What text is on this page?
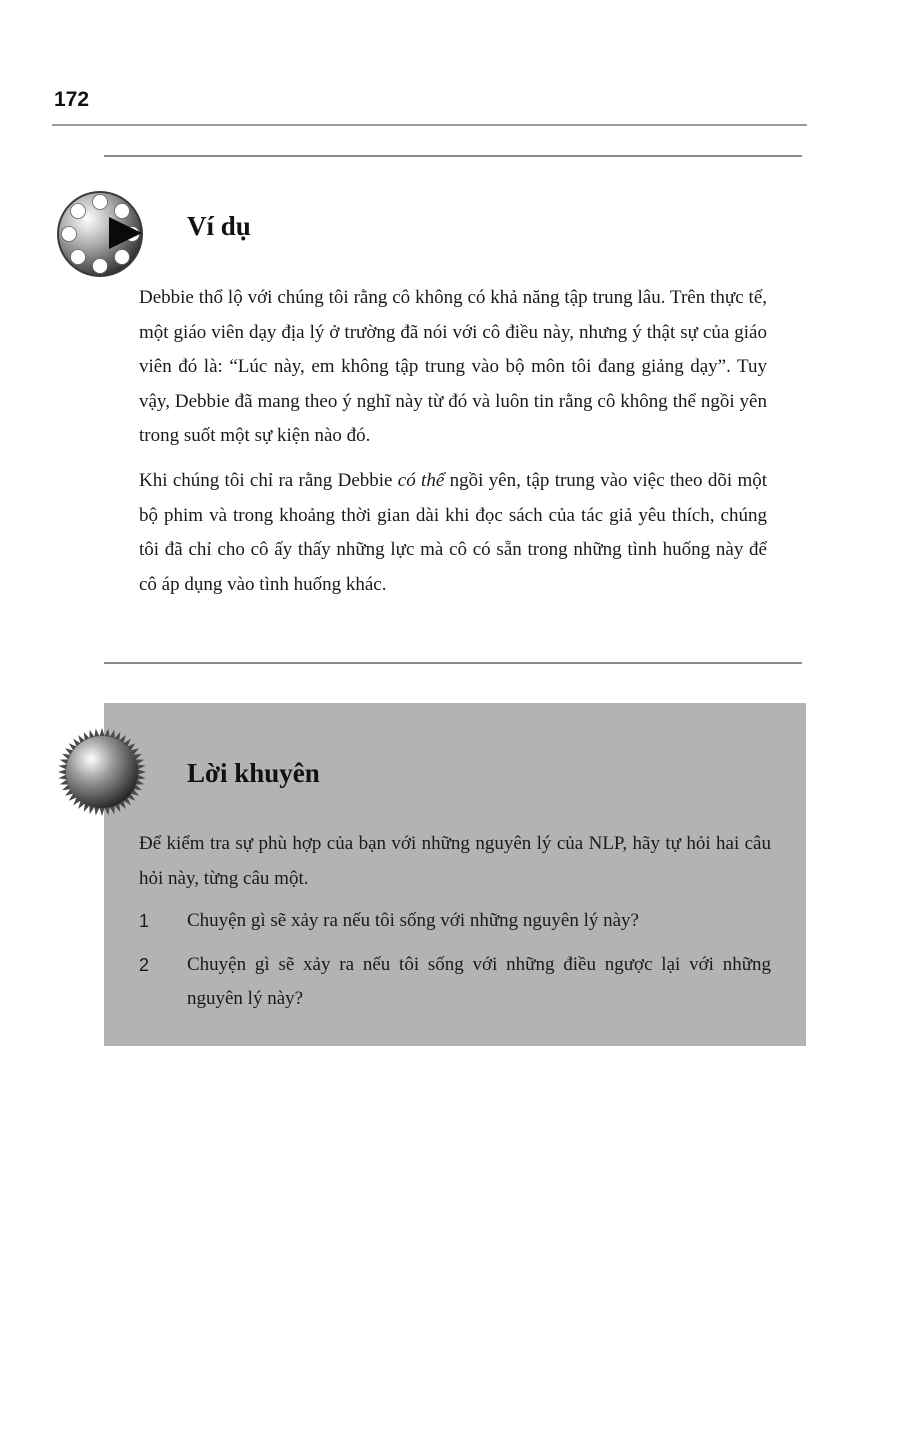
172
Ví dụ

Debbie thổ lộ với chúng tôi rằng cô không có khả năng tập trung lâu. Trên thực tế, một giáo viên dạy địa lý ở trường đã nói với cô điều này, nhưng ý thật sự của giáo viên đó là: “Lúc này, em không tập trung vào bộ môn tôi đang giảng dạy”. Tuy vậy, Debbie đã mang theo ý nghĩ này từ đó và luôn tin rằng cô không thể ngồi yên trong suốt một sự kiện nào đó.

Khi chúng tôi chỉ ra rằng Debbie có thể ngồi yên, tập trung vào việc theo dõi một bộ phim và trong khoảng thời gian dài khi đọc sách của tác giả yêu thích, chúng tôi đã chỉ cho cô ấy thấy những lực mà cô có sẵn trong những tình huống này để cô áp dụng vào tình huống khác.

Lời khuyên

Để kiểm tra sự phù hợp của bạn với những nguyên lý của NLP, hãy tự hỏi hai câu hỏi này, từng câu một.

1 Chuyện gì sẽ xảy ra nếu tôi sống với những nguyên lý này?
2 Chuyện gì sẽ xảy ra nếu tôi sống với những điều ngược lại với những nguyên lý này?
